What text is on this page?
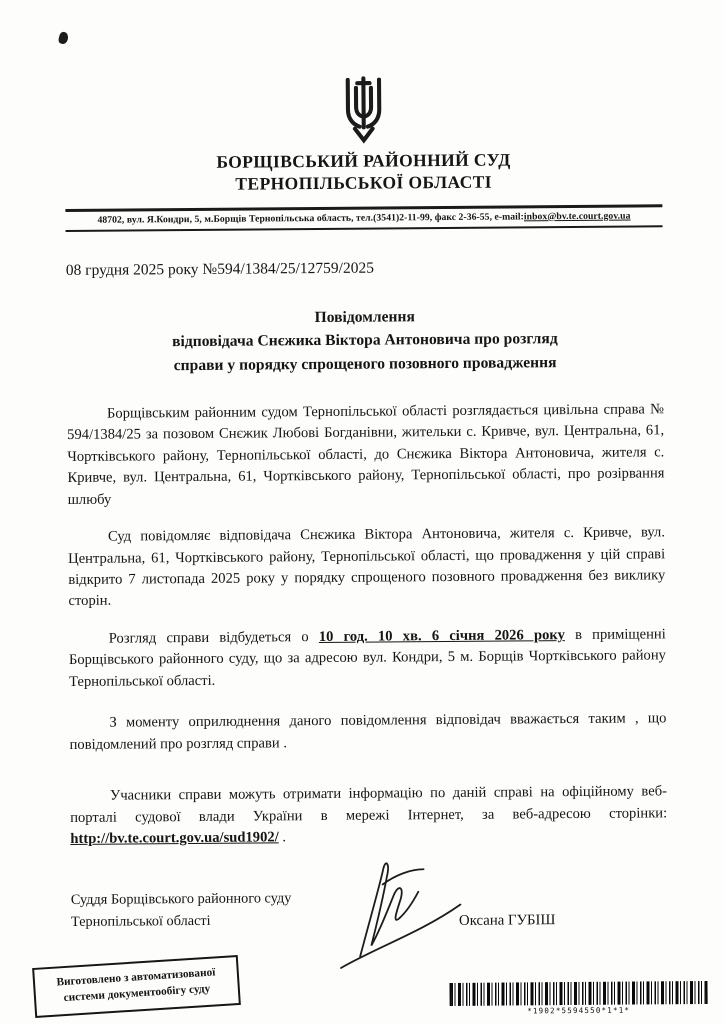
БОРЩІВСЬКИЙ РАЙОННИЙ СУД
ТЕРНОПІЛЬСЬКОЇ ОБЛАСТІ
48702, вул. Я.Кондри, 5, м.Борщів Тернопільська область, тел.(3541)2-11-99, факс 2-36-55, e-mail:inbox@bv.te.court.gov.ua
08 грудня 2025 року №594/1384/25/12759/2025
Повідомлення
відповідача Снєжика Віктора Антоновича про розгляд
справи у порядку спрощеного позовного провадження

Борщівським районним судом Тернопільської області розглядається цивільна справа № 594/1384/25 за позовом Снєжик Любові Богданівни, жительки с. Кривче, вул. Центральна, 61, Чортківського району, Тернопільської області, до Снєжика Віктора Антоновича, жителя с. Кривче, вул. Центральна, 61, Чортківського району, Тернопільської області, про розірвання шлюбу

Суд повідомляє відповідача Снєжика Віктора Антоновича, жителя с. Кривче, вул. Центральна, 61, Чортківського району, Тернопільської області, що провадження у цій справі відкрито 7 листопада 2025 року у порядку спрощеного позовного провадження без виклику сторін.

Розгляд справи відбудеться о 10 год. 10 хв. 6 січня 2026 року в приміщенні Борщівського районного суду, що за адресою вул. Кондри, 5 м. Борщів Чортківського району Тернопільської області.

З моменту оприлюднення даного повідомлення відповідач вважається таким , що повідомлений про розгляд справи .

Учасники справи можуть отримати інформацію по даній справі на офіційному веб-порталі судової влади України в мережі Інтернет, за веб-адресою сторінки: http://bv.te.court.gov.ua/sud1902/ .

Суддя Борщівського районного суду
Тернопільської області	Оксана ГУБІШ
Виготовлено з автоматизованої
системи документообігу суду
*1902*5594550*1*1*
